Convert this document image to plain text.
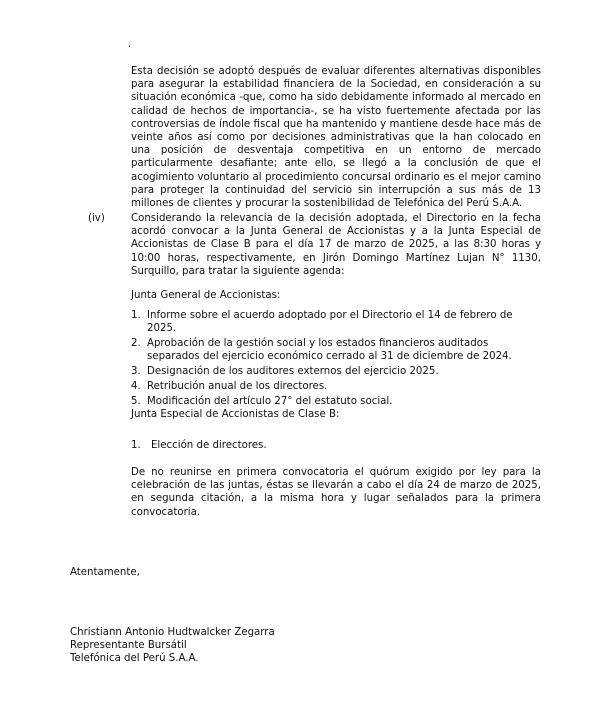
.
Esta decisión se adoptó después de evaluar diferentes alternativas disponibles para asegurar la estabilidad financiera de la Sociedad, en consideración a su situación económica -que, como ha sido debidamente informado al mercado en calidad de hechos de importancia-, se ha visto fuertemente afectada por las controversias de índole fiscal que ha mantenido y mantiene desde hace más de veinte años así como por decisiones administrativas que la han colocado en una posición de desventaja competitiva en un entorno de mercado particularmente desafiante; ante ello, se llegó a la conclusión de que el acogimiento voluntario al procedimiento concursal ordinario es el mejor camino para proteger la continuidad del servicio sin interrupción a sus más de 13 millones de clientes y procurar la sostenibilidad de Telefónica del Perú S.A.A.
(iv)	Considerando la relevancia de la decisión adoptada, el Directorio en la fecha acordó convocar a la Junta General de Accionistas y a la Junta Especial de Accionistas de Clase B para el día 17 de marzo de 2025, a las 8:30 horas y 10:00 horas, respectivamente, en Jirón Domingo Martínez Lujan N° 1130, Surquillo, para tratar la siguiente agenda:
Junta General de Accionistas:
1. Informe sobre el acuerdo adoptado por el Directorio el 14 de febrero de 2025.
2. Aprobación de la gestión social y los estados financieros auditados separados del ejercicio económico cerrado al 31 de diciembre de 2024.
3. Designación de los auditores externos del ejercicio 2025.
4. Retribución anual de los directores.
5. Modificación del artículo 27° del estatuto social.
Junta Especial de Accionistas de Clase B:
1.	Elección de directores.
De no reunirse en primera convocatoria el quórum exigido por ley para la celebración de las juntas, éstas se llevarán a cabo el día 24 de marzo de 2025, en segunda citación, a la misma hora y lugar señalados para la primera convocatoria.
Atentamente,
Christiann Antonio Hudtwalcker Zegarra
Representante Bursátil
Telefónica del Perú S.A.A.
